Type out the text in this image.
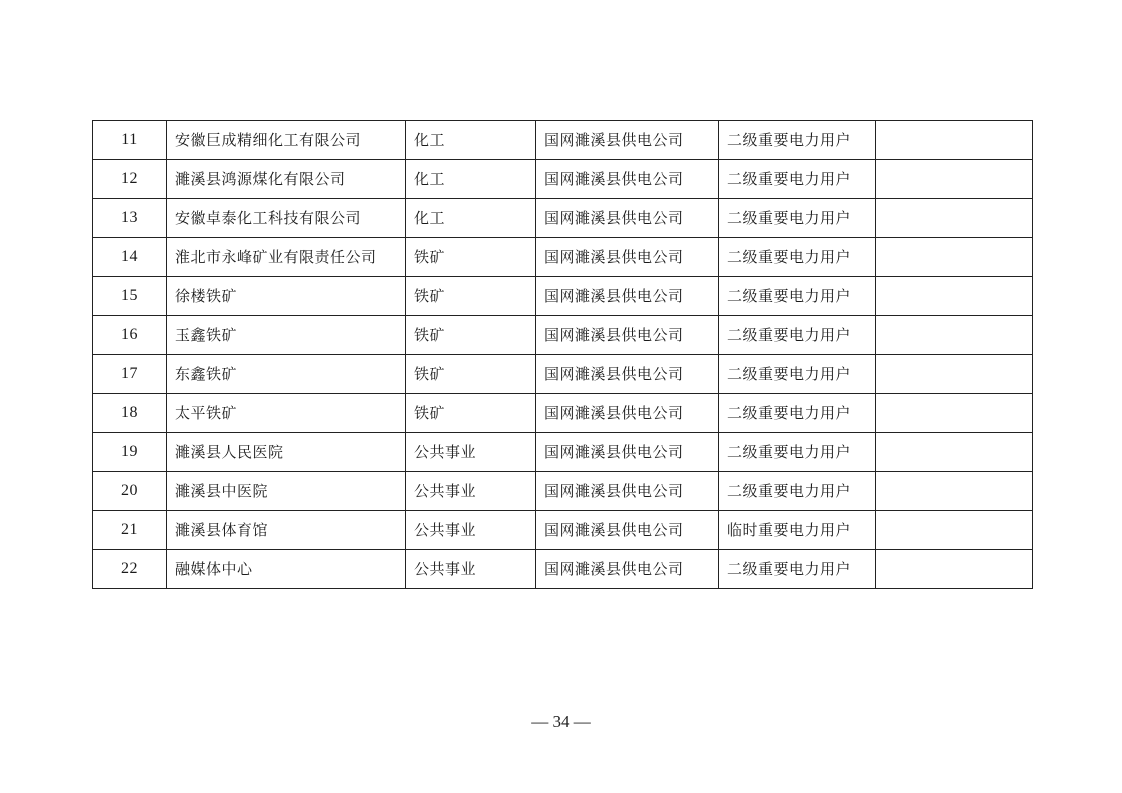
11	安徽巨成精细化工有限公司	化工	国网濉溪县供电公司	二级重要电力用户	
12	濉溪县鸿源煤化有限公司	化工	国网濉溪县供电公司	二级重要电力用户	
13	安徽卓泰化工科技有限公司	化工	国网濉溪县供电公司	二级重要电力用户	
14	淮北市永峰矿业有限责任公司	铁矿	国网濉溪县供电公司	二级重要电力用户	
15	徐楼铁矿	铁矿	国网濉溪县供电公司	二级重要电力用户	
16	玉鑫铁矿	铁矿	国网濉溪县供电公司	二级重要电力用户	
17	东鑫铁矿	铁矿	国网濉溪县供电公司	二级重要电力用户	
18	太平铁矿	铁矿	国网濉溪县供电公司	二级重要电力用户	
19	濉溪县人民医院	公共事业	国网濉溪县供电公司	二级重要电力用户	
20	濉溪县中医院	公共事业	国网濉溪县供电公司	二级重要电力用户	
21	濉溪县体育馆	公共事业	国网濉溪县供电公司	临时重要电力用户	
22	融媒体中心	公共事业	国网濉溪县供电公司	二级重要电力用户	
— 34 —
